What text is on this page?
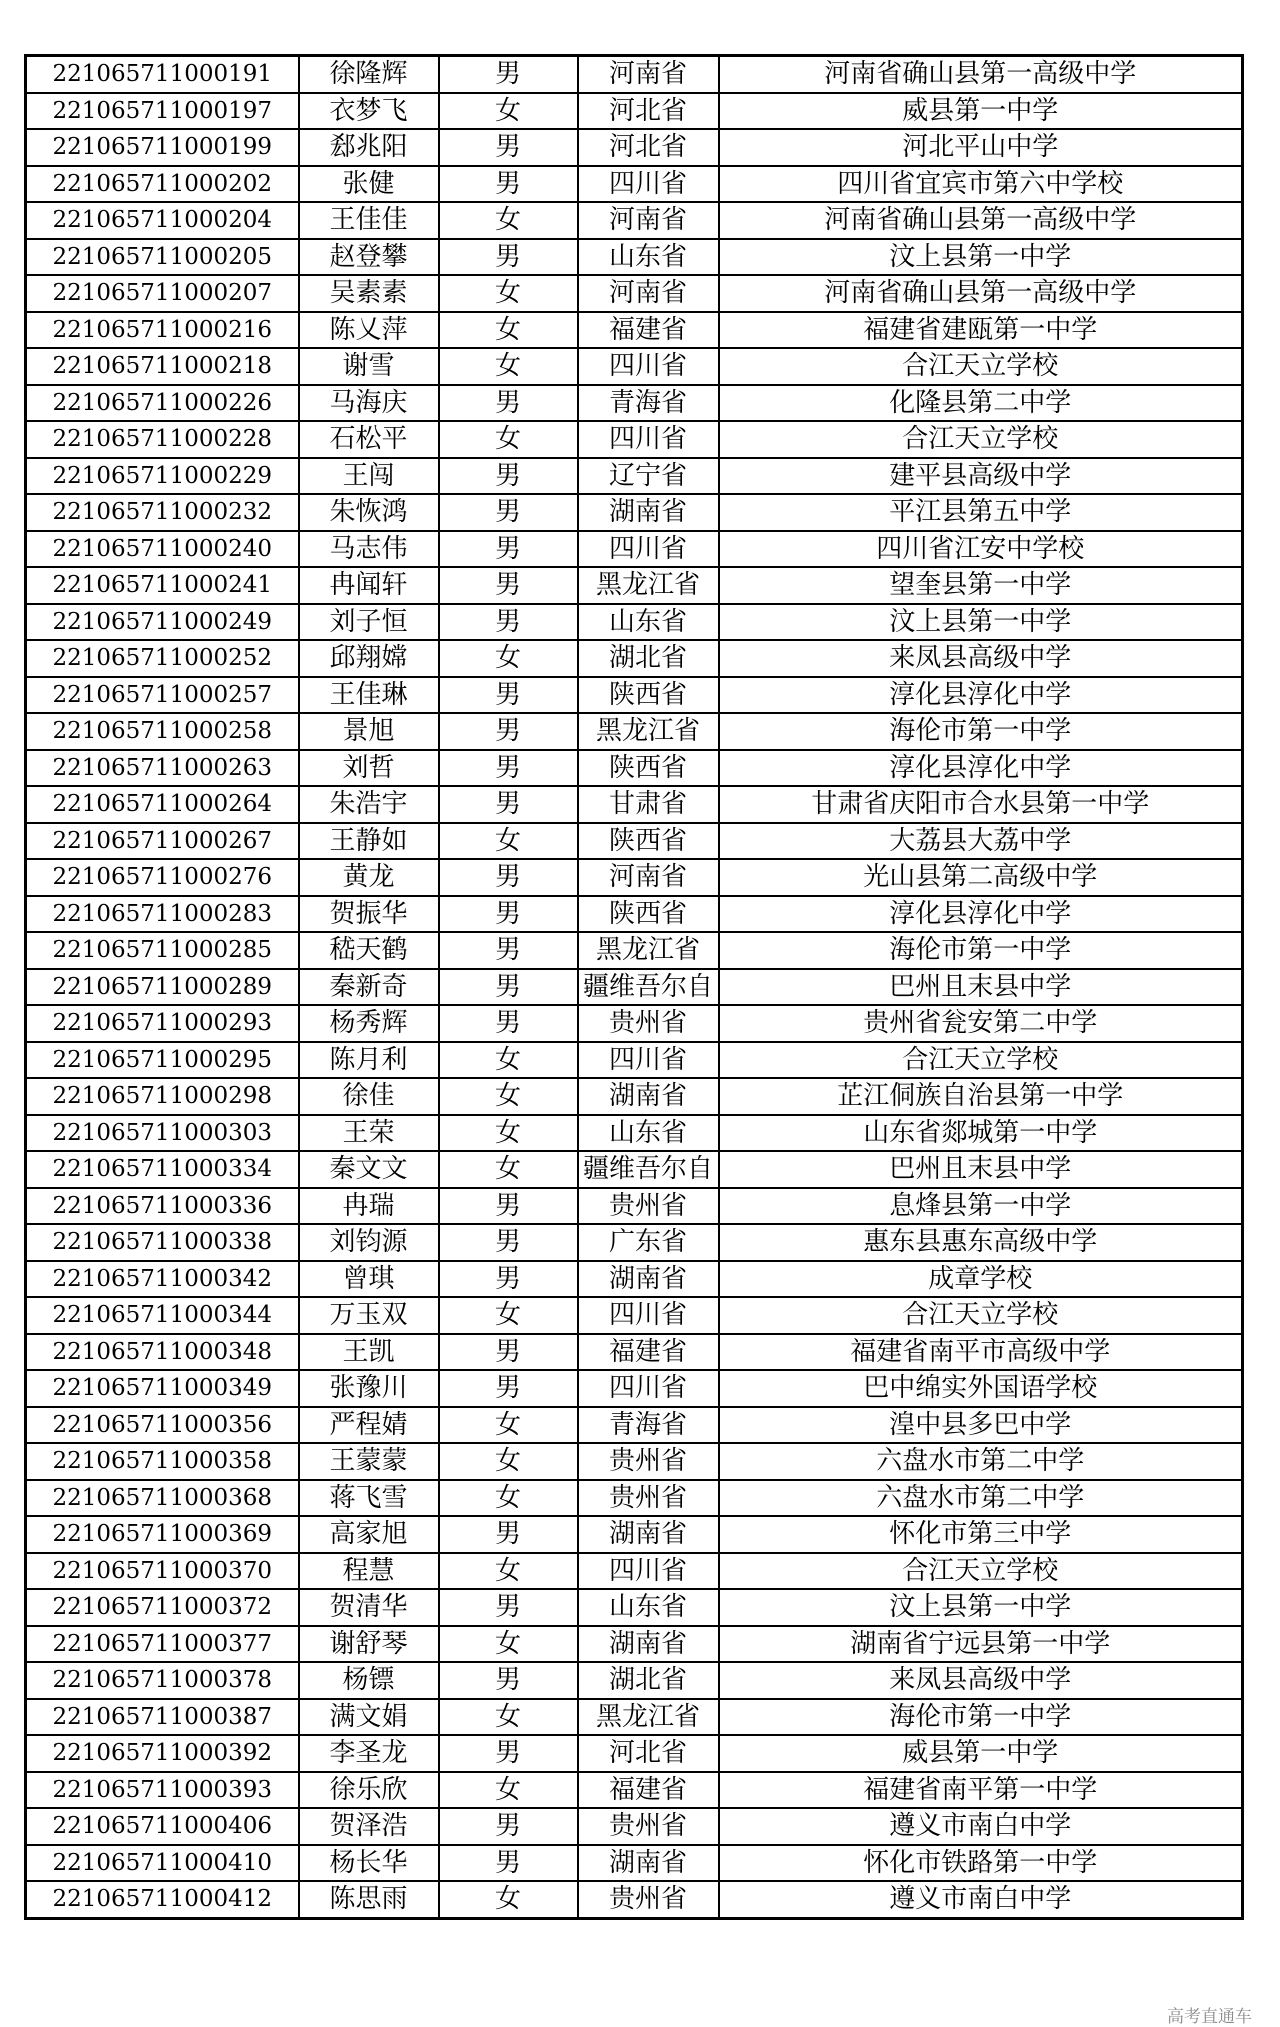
221065711000191	徐隆辉	男	河南省	河南省确山县第一高级中学
221065711000197	衣梦飞	女	河北省	威县第一中学
221065711000199	郄兆阳	男	河北省	河北平山中学
221065711000202	张健	男	四川省	四川省宜宾市第六中学校
221065711000204	王佳佳	女	河南省	河南省确山县第一高级中学
221065711000205	赵登攀	男	山东省	汶上县第一中学
221065711000207	吴素素	女	河南省	河南省确山县第一高级中学
221065711000216	陈乂萍	女	福建省	福建省建瓯第一中学
221065711000218	谢雪	女	四川省	合江天立学校
221065711000226	马海庆	男	青海省	化隆县第二中学
221065711000228	石松平	女	四川省	合江天立学校
221065711000229	王闯	男	辽宁省	建平县高级中学
221065711000232	朱恢鸿	男	湖南省	平江县第五中学
221065711000240	马志伟	男	四川省	四川省江安中学校
221065711000241	冉闻轩	男	黑龙江省	望奎县第一中学
221065711000249	刘子恒	男	山东省	汶上县第一中学
221065711000252	邱翔嫦	女	湖北省	来凤县高级中学
221065711000257	王佳琳	男	陕西省	淳化县淳化中学
221065711000258	景旭	男	黑龙江省	海伦市第一中学
221065711000263	刘哲	男	陕西省	淳化县淳化中学
221065711000264	朱浩宇	男	甘肃省	甘肃省庆阳市合水县第一中学
221065711000267	王静如	女	陕西省	大荔县大荔中学
221065711000276	黄龙	男	河南省	光山县第二高级中学
221065711000283	贺振华	男	陕西省	淳化县淳化中学
221065711000285	嵇天鹤	男	黑龙江省	海伦市第一中学
221065711000289	秦新奇	男	疆维吾尔自	巴州且末县中学
221065711000293	杨秀辉	男	贵州省	贵州省瓮安第二中学
221065711000295	陈月利	女	四川省	合江天立学校
221065711000298	徐佳	女	湖南省	芷江侗族自治县第一中学
221065711000303	王荣	女	山东省	山东省郯城第一中学
221065711000334	秦文文	女	疆维吾尔自	巴州且末县中学
221065711000336	冉瑞	男	贵州省	息烽县第一中学
221065711000338	刘钧源	男	广东省	惠东县惠东高级中学
221065711000342	曾琪	男	湖南省	成章学校
221065711000344	万玉双	女	四川省	合江天立学校
221065711000348	王凯	男	福建省	福建省南平市高级中学
221065711000349	张豫川	男	四川省	巴中绵实外国语学校
221065711000356	严程婧	女	青海省	湟中县多巴中学
221065711000358	王蒙蒙	女	贵州省	六盘水市第二中学
221065711000368	蒋飞雪	女	贵州省	六盘水市第二中学
221065711000369	高家旭	男	湖南省	怀化市第三中学
221065711000370	程慧	女	四川省	合江天立学校
221065711000372	贺清华	男	山东省	汶上县第一中学
221065711000377	谢舒琴	女	湖南省	湖南省宁远县第一中学
221065711000378	杨镖	男	湖北省	来凤县高级中学
221065711000387	满文娟	女	黑龙江省	海伦市第一中学
221065711000392	李圣龙	男	河北省	威县第一中学
221065711000393	徐乐欣	女	福建省	福建省南平第一中学
221065711000406	贺泽浩	男	贵州省	遵义市南白中学
221065711000410	杨长华	男	湖南省	怀化市铁路第一中学
221065711000412	陈思雨	女	贵州省	遵义市南白中学
高考直通车
